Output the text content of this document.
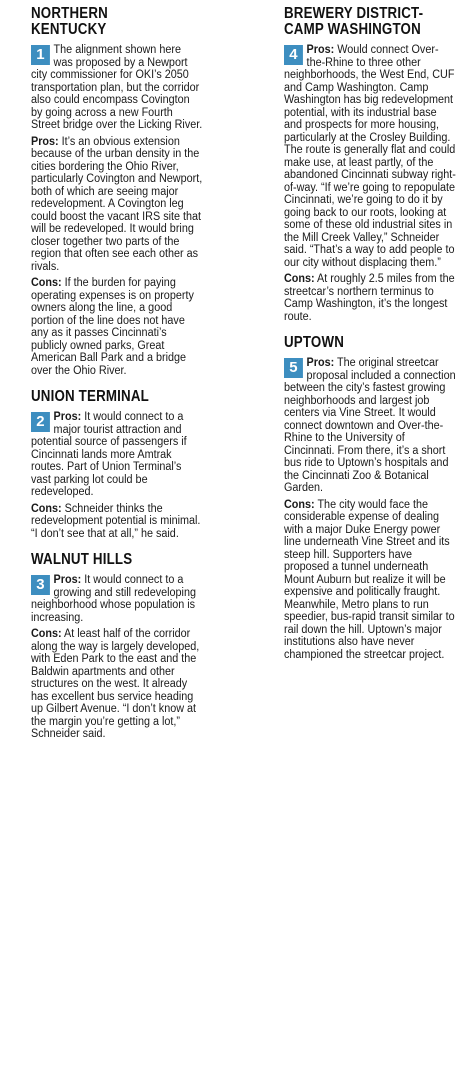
NORTHERN
KENTUCKY

1 The alignment shown here was proposed by a Newport city commissioner for OKI’s 2050 transportation plan, but the corridor also could encompass Covington by going across a new Fourth Street bridge over the Licking River.

Pros: It’s an obvious extension because of the urban density in the cities bordering the Ohio River, particularly Covington and Newport, both of which are seeing major redevelopment. A Covington leg could boost the vacant IRS site that will be redeveloped. It would bring closer together two parts of the region that often see each other as rivals.

Cons: If the burden for paying operating expenses is on property owners along the line, a good portion of the line does not have any as it passes Cincinnati’s publicly owned parks, Great American Ball Park and a bridge over the Ohio River.

UNION TERMINAL

2 Pros: It would connect to a major tourist attraction and potential source of passengers if Cincinnati lands more Amtrak routes. Part of Union Terminal’s vast parking lot could be redeveloped.

Cons: Schneider thinks the redevelopment potential is minimal. “I don’t see that at all,” he said.

WALNUT HILLS

3 Pros: It would connect to a growing and still redeveloping neighborhood whose population is increasing.

Cons: At least half of the corridor along the way is largely developed, with Eden Park to the east and the Baldwin apartments and other structures on the west. It already has excellent bus service heading up Gilbert Avenue. “I don’t know at the margin you’re getting a lot,” Schneider said.

BREWERY DISTRICT-
CAMP WASHINGTON

4 Pros: Would connect Over-the-Rhine to three other neighborhoods, the West End, CUF and Camp Washington. Camp Washington has big redevelopment potential, with its industrial base and prospects for more housing, particularly at the Crosley Building. The route is generally flat and could make use, at least partly, of the abandoned Cincinnati subway right-of-way. “If we’re going to repopulate Cincinnati, we’re going to do it by going back to our roots, looking at some of these old industrial sites in the Mill Creek Valley,” Schneider said. “That’s a way to add people to our city without displacing them.”

Cons: At roughly 2.5 miles from the streetcar’s northern terminus to Camp Washington, it’s the longest route.

UPTOWN

5 Pros: The original streetcar proposal included a connection between the city’s fastest growing neighborhoods and largest job centers via Vine Street. It would connect downtown and Over-the-Rhine to the University of Cincinnati. From there, it’s a short bus ride to Uptown’s hospitals and the Cincinnati Zoo & Botanical Garden.

Cons: The city would face the considerable expense of dealing with a major Duke Energy power line underneath Vine Street and its steep hill. Supporters have proposed a tunnel underneath Mount Auburn but realize it will be expensive and politically fraught. Meanwhile, Metro plans to run speedier, bus-rapid transit similar to rail down the hill. Uptown’s major institutions also have never championed the streetcar project.
